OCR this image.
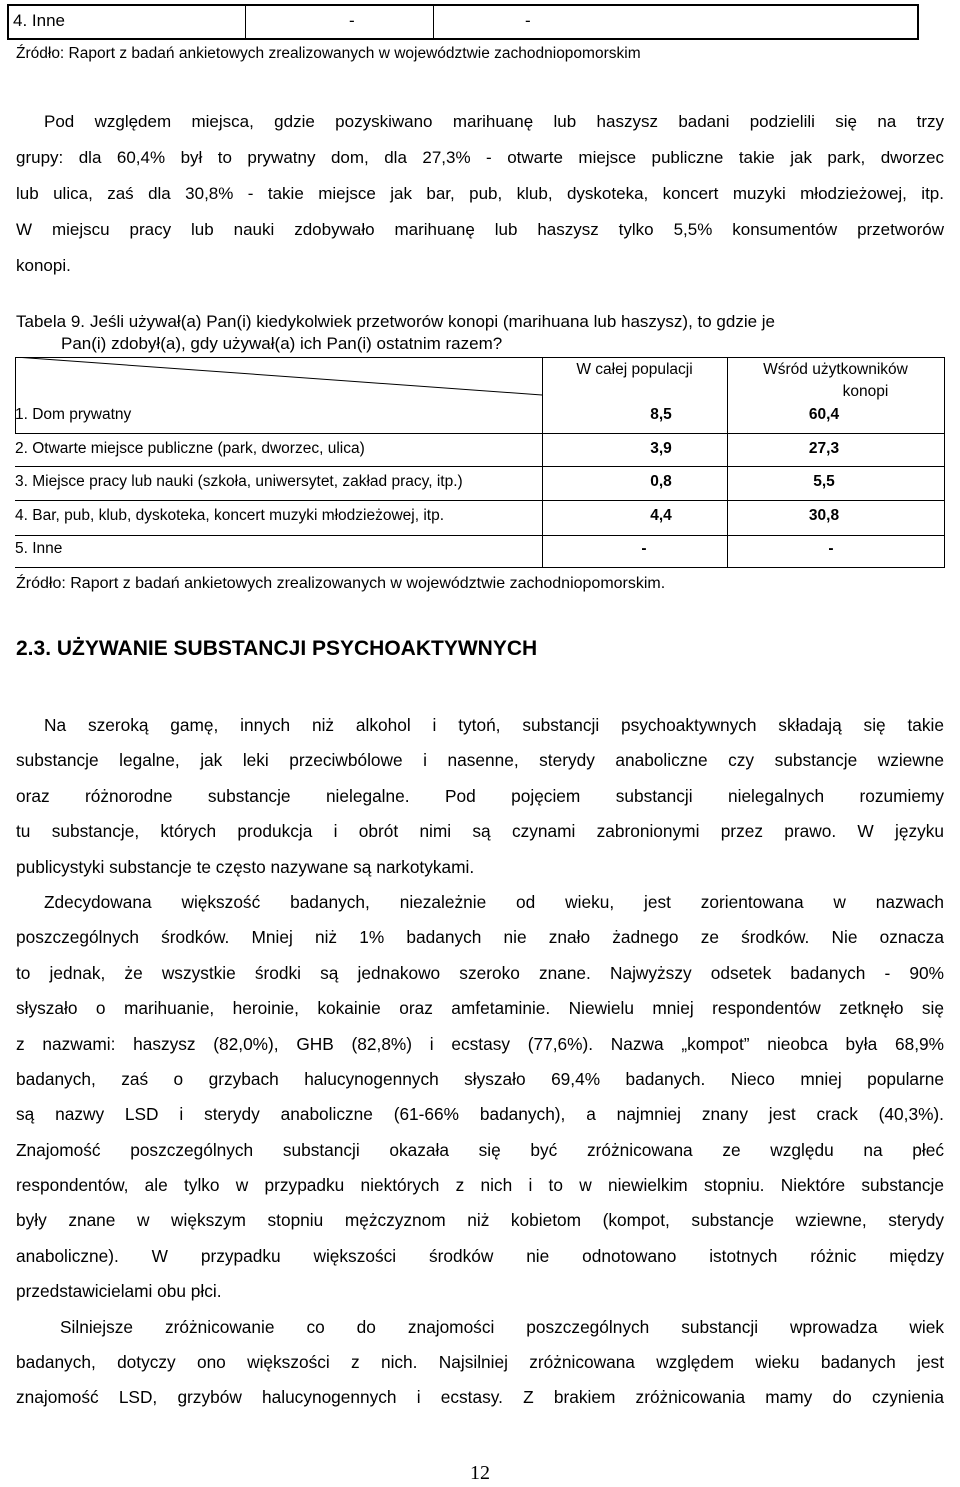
4. Inne	-	-
Źródło: Raport z badań ankietowych zrealizowanych w województwie zachodniopomorskim
Pod względem miejsca, gdzie pozyskiwano marihuanę lub haszysz badani podzielili się na trzy
grupy: dla 60,4% był to prywatny dom, dla 27,3% - otwarte miejsce publiczne takie jak park, dworzec
lub ulica, zaś dla 30,8% - takie miejsce jak bar, pub, klub, dyskoteka, koncert muzyki młodzieżowej, itp.
W miejscu pracy lub nauki zdobywało marihuanę lub haszysz tylko 5,5% konsumentów przetworów
konopi.
Tabela 9. Jeśli używał(a) Pan(i) kiedykolwiek przetworów konopi (marihuana lub haszysz), to gdzie je
Pan(i) zdobył(a), gdy używał(a) ich Pan(i) ostatnim razem?
W całej populacji	Wśród użytkowników
konopi
1. Dom prywatny	8,5	60,4
2. Otwarte miejsce publiczne (park, dworzec, ulica)	3,9	27,3
3. Miejsce pracy lub nauki (szkoła, uniwersytet, zakład pracy, itp.)	0,8	5,5
4. Bar, pub, klub, dyskoteka, koncert muzyki młodzieżowej, itp.	4,4	30,8
5. Inne	-	-
Źródło: Raport z badań ankietowych zrealizowanych w województwie zachodniopomorskim.
2.3. UŻYWANIE SUBSTANCJI PSYCHOAKTYWNYCH
Na szeroką gamę, innych niż alkohol i tytoń, substancji psychoaktywnych składają się takie
substancje legalne, jak leki przeciwbólowe i nasenne, sterydy anaboliczne czy substancje wziewne
oraz różnorodne substancje nielegalne. Pod pojęciem substancji nielegalnych rozumiemy
tu substancje, których produkcja i obrót nimi są czynami zabronionymi przez prawo. W języku
publicystyki substancje te często nazywane są narkotykami.
Zdecydowana większość badanych, niezależnie od wieku, jest zorientowana w nazwach
poszczególnych środków. Mniej niż 1% badanych nie znało żadnego ze środków. Nie oznacza
to jednak, że wszystkie środki są jednakowo szeroko znane. Najwyższy odsetek badanych - 90%
słyszało o marihuanie, heroinie, kokainie oraz amfetaminie. Niewielu mniej respondentów zetknęło się
z nazwami: haszysz (82,0%), GHB (82,8%) i ecstasy (77,6%). Nazwa „kompot” nieobca była 68,9%
badanych, zaś o grzybach halucynogennych słyszało 69,4% badanych. Nieco mniej popularne
są nazwy LSD i sterydy anaboliczne (61-66% badanych), a najmniej znany jest crack (40,3%).
Znajomość poszczególnych substancji okazała się być zróżnicowana ze względu na płeć
respondentów, ale tylko w przypadku niektórych z nich i to w niewielkim stopniu. Niektóre substancje
były znane w większym stopniu mężczyznom niż kobietom (kompot, substancje wziewne, sterydy
anaboliczne). W przypadku większości środków nie odnotowano istotnych różnic między
przedstawicielami obu płci.
Silniejsze zróżnicowanie co do znajomości poszczególnych substancji wprowadza wiek
badanych, dotyczy ono większości z nich. Najsilniej zróżnicowana względem wieku badanych jest
znajomość LSD, grzybów halucynogennych i ecstasy. Z brakiem zróżnicowania mamy do czynienia
12
